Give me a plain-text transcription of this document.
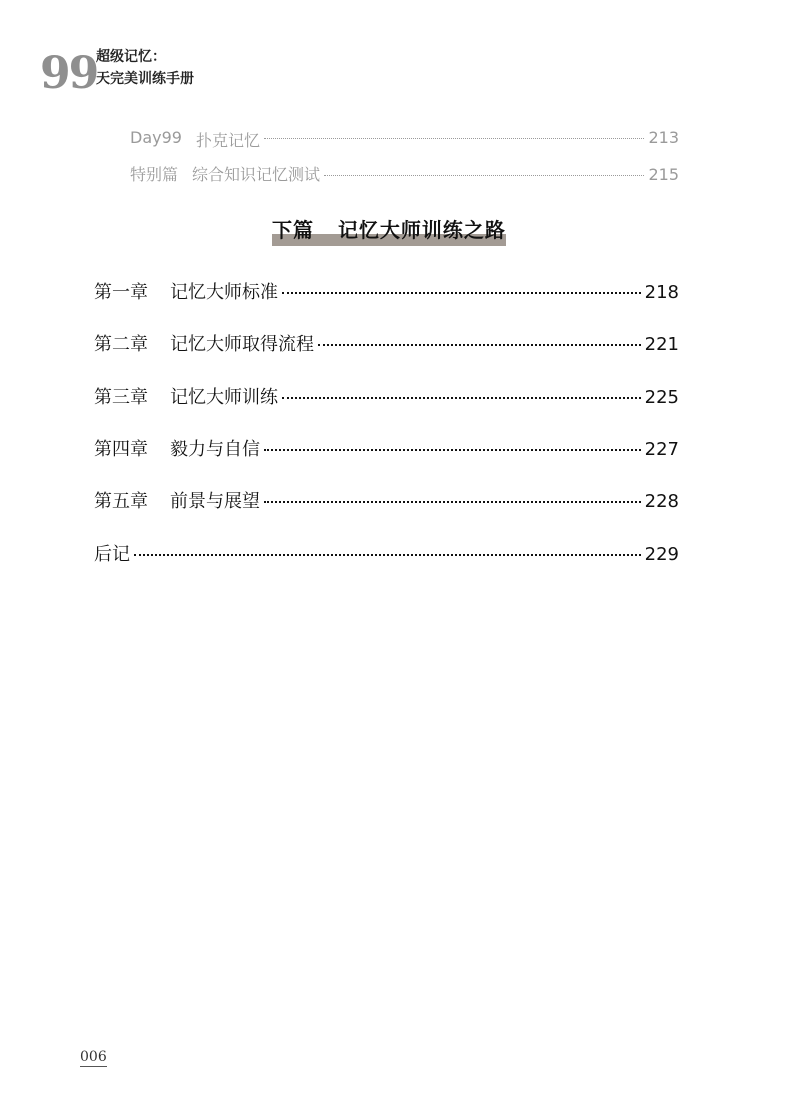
99
超级记忆：
天完美训练手册
Day99 扑克记忆	213
特别篇 综合知识记忆测试	215
下篇 记忆大师训练之路
第一章 记忆大师标准	218
第二章 记忆大师取得流程	221
第三章 记忆大师训练	225
第四章 毅力与自信	227
第五章 前景与展望	228
后记	229
006
